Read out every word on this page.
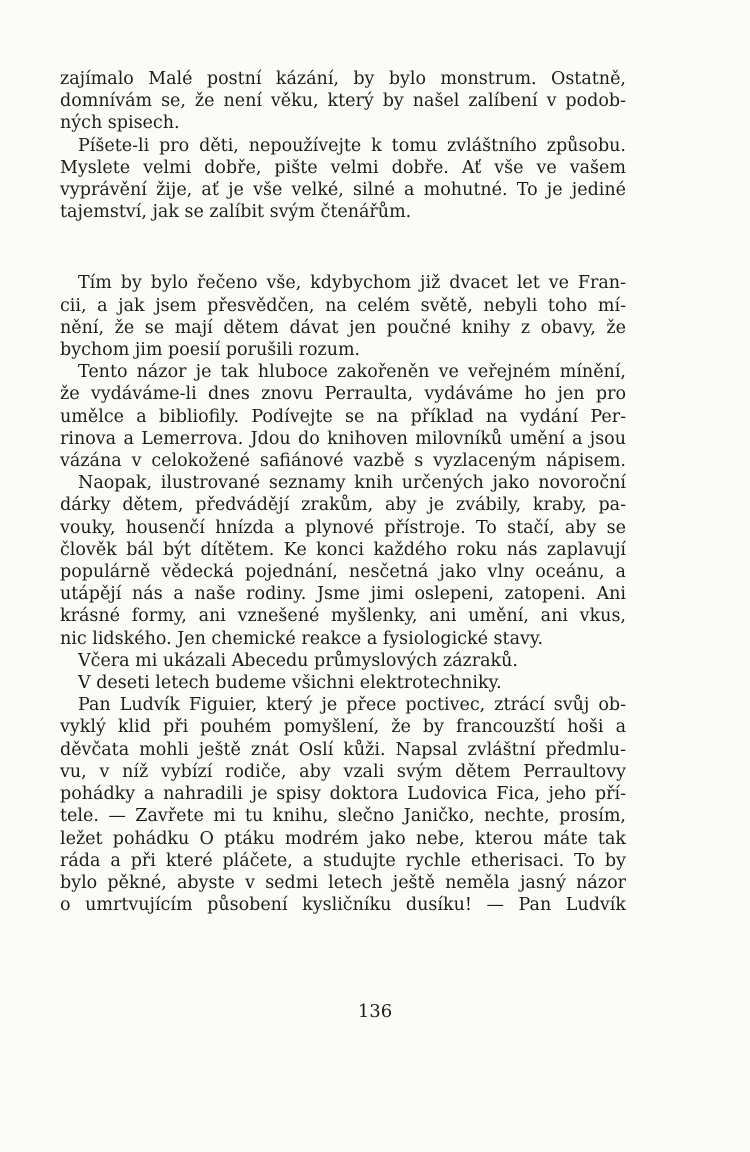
zajímalo Malé postní kázání, by bylo monstrum. Ostatně,
domnívám se, že není věku, který by našel zalíbení v podob-
ných spisech.
Píšete-li pro děti, nepoužívejte k tomu zvláštního způsobu.
Myslete velmi dobře, pište velmi dobře. Ať vše ve vašem
vyprávění žije, ať je vše velké, silné a mohutné. To je jediné
tajemství, jak se zalíbit svým čtenářům.
Tím by bylo řečeno vše, kdybychom již dvacet let ve Fran-
cii, a jak jsem přesvědčen, na celém světě, nebyli toho mí-
nění, že se mají dětem dávat jen poučné knihy z obavy, že
bychom jim poesií porušili rozum.
Tento názor je tak hluboce zakořeněn ve veřejném mínění,
že vydáváme-li dnes znovu Perraulta, vydáváme ho jen pro
umělce a bibliofily. Podívejte se na příklad na vydání Per-
rinova a Lemerrova. Jdou do knihoven milovníků umění a jsou
vázána v celokožené safiánové vazbě s vyzlaceným nápisem.
Naopak, ilustrované seznamy knih určených jako novoroční
dárky dětem, předvádějí zrakům, aby je zvábily, kraby, pa-
vouky, housenčí hnízda a plynové přístroje. To stačí, aby se
člověk bál být dítětem. Ke konci každého roku nás zaplavují
populárně vědecká pojednání, nesčetná jako vlny oceánu, a
utápějí nás a naše rodiny. Jsme jimi oslepeni, zatopeni. Ani
krásné formy, ani vznešené myšlenky, ani umění, ani vkus,
nic lidského. Jen chemické reakce a fysiologické stavy.
Včera mi ukázali Abecedu průmyslových zázraků.
V deseti letech budeme všichni elektrotechniky.
Pan Ludvík Figuier, který je přece poctivec, ztrácí svůj ob-
vyklý klid při pouhém pomyšlení, že by francouzští hoši a
děvčata mohli ještě znát Oslí kůži. Napsal zvláštní předmlu-
vu, v níž vybízí rodiče, aby vzali svým dětem Perraultovy
pohádky a nahradili je spisy doktora Ludovica Fica, jeho pří-
tele. — Zavřete mi tu knihu, slečno Janičko, nechte, prosím,
ležet pohádku O ptáku modrém jako nebe, kterou máte tak
ráda a při které pláčete, a studujte rychle etherisaci. To by
bylo pěkné, abyste v sedmi letech ještě neměla jasný názor
o umrtvujícím působení kysličníku dusíku! — Pan Ludvík
136
